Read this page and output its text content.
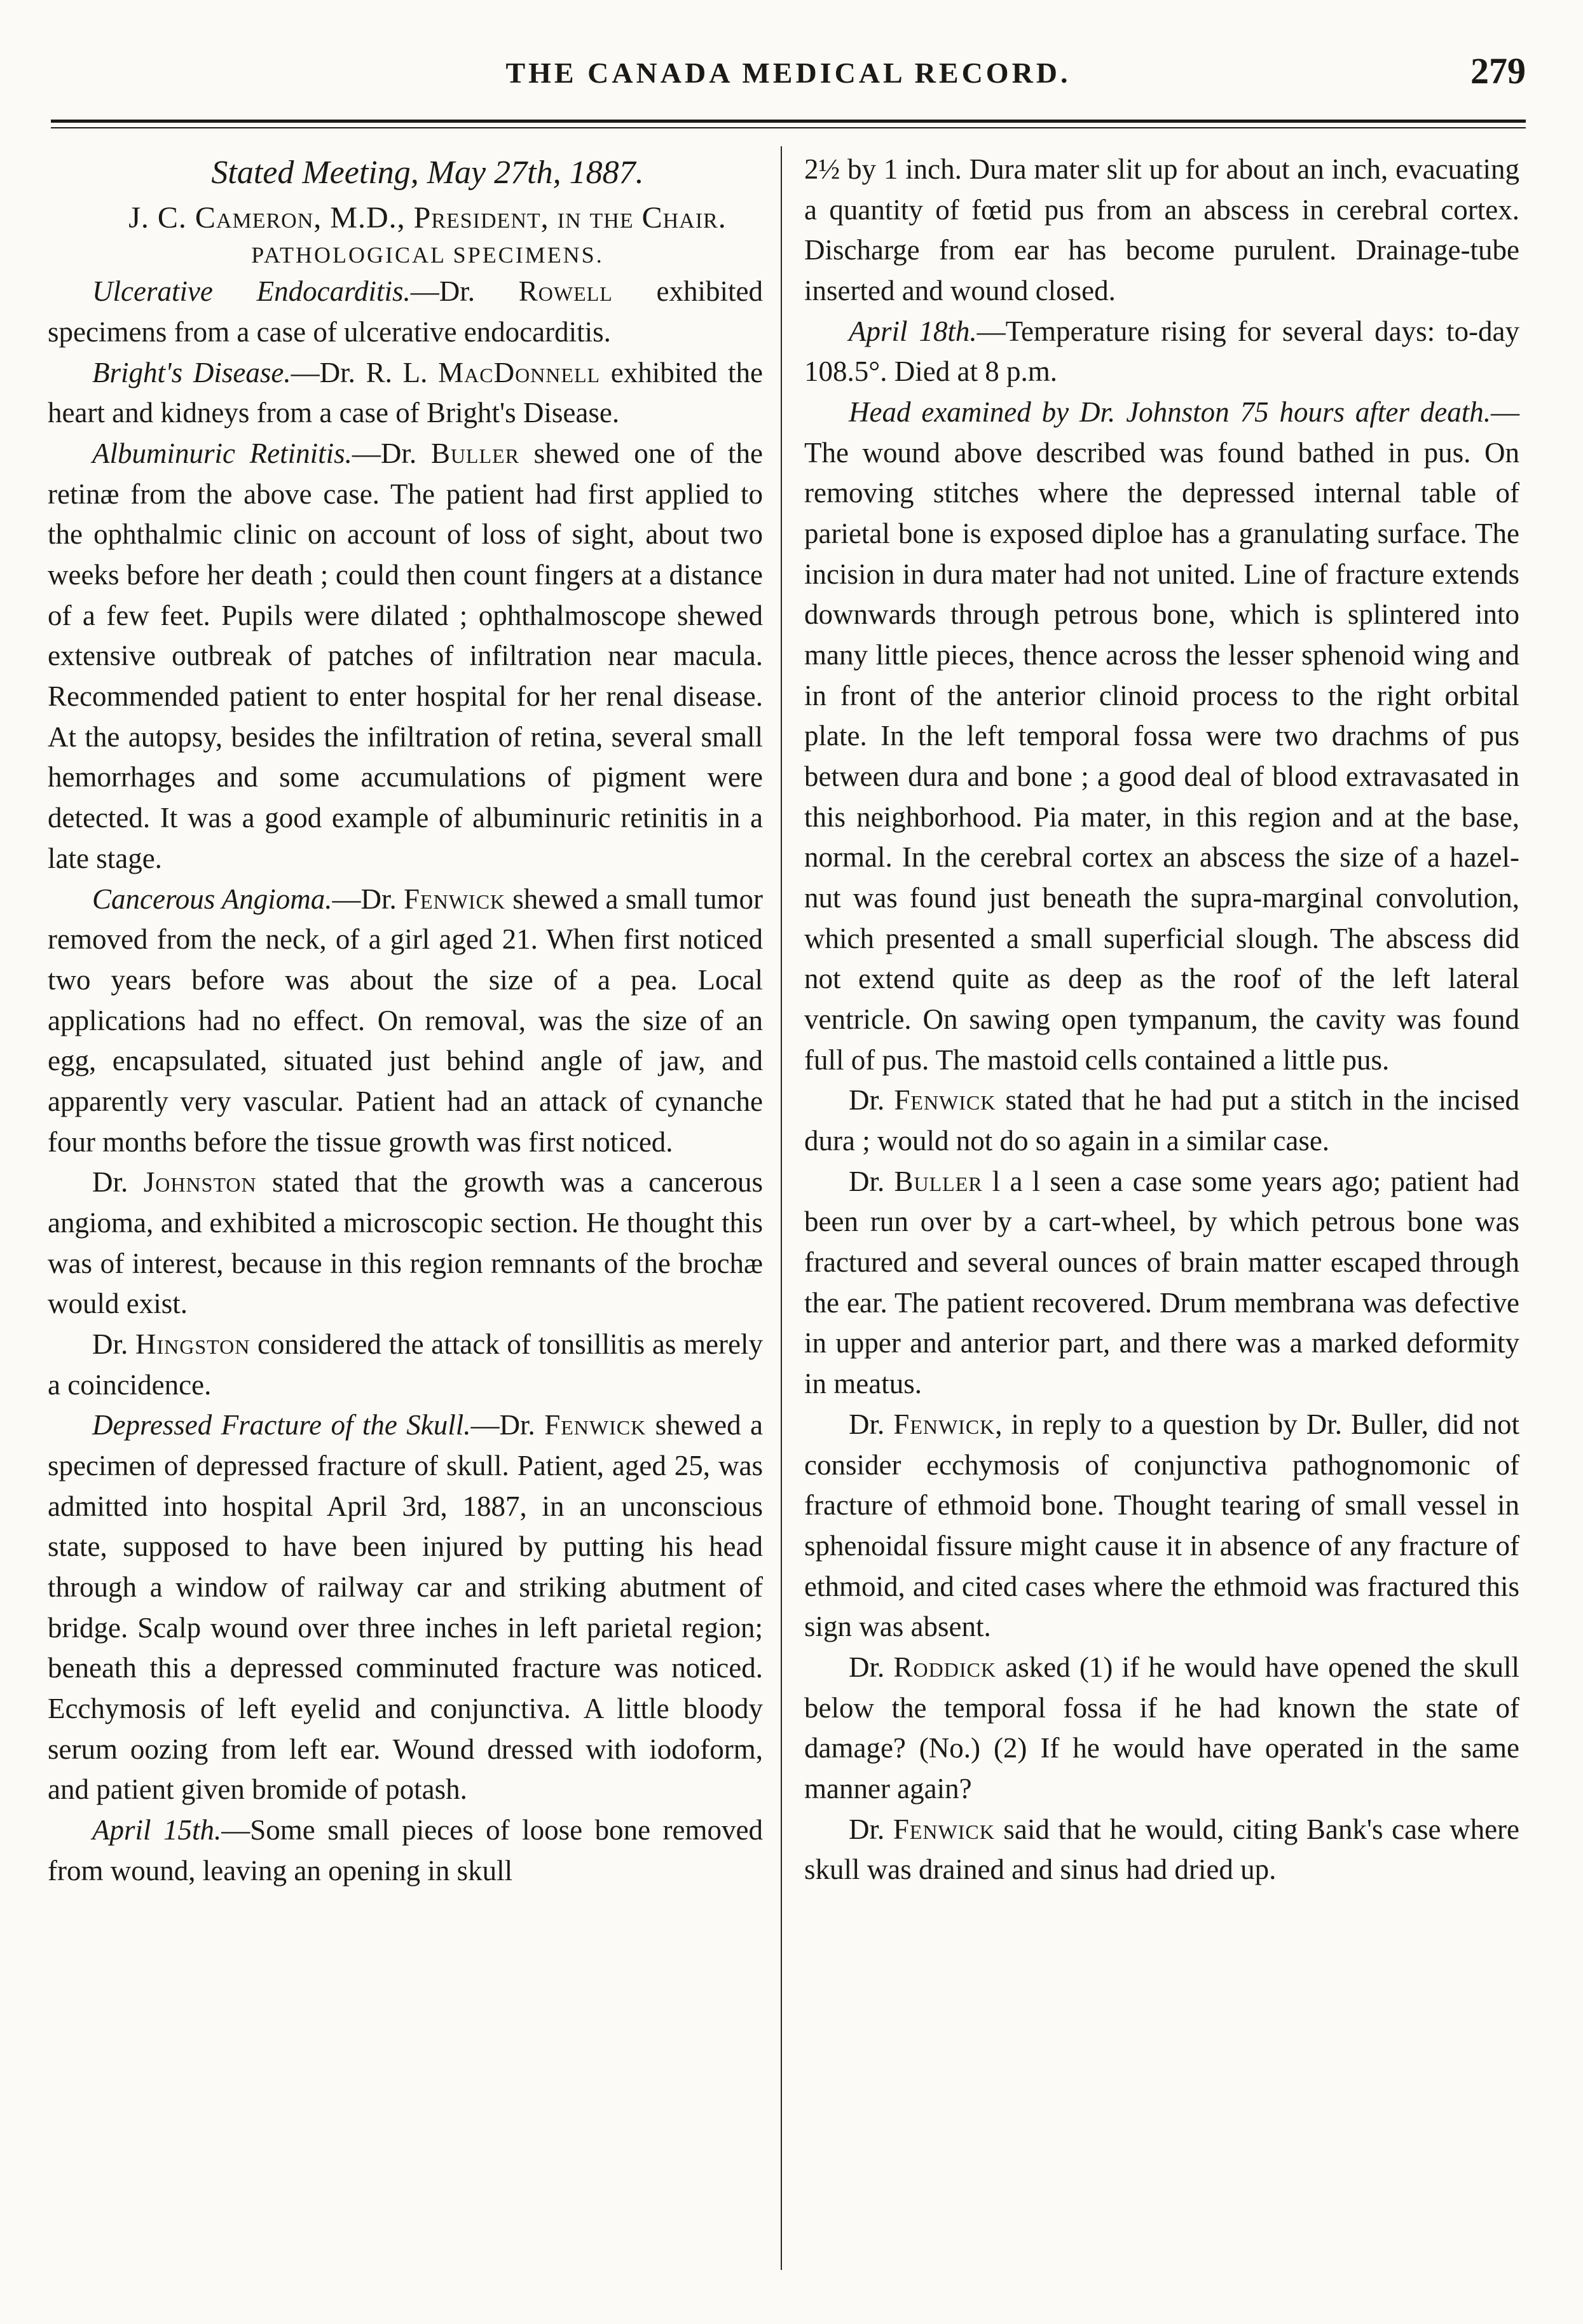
THE CANADA MEDICAL RECORD.	279

Stated Meeting, May 27th, 1887.

J. C. Cameron, M.D., President, in the Chair.

PATHOLOGICAL SPECIMENS.

Ulcerative Endocarditis.—Dr. Rowell exhibited specimens from a case of ulcerative endocarditis.

Bright's Disease.—Dr. R. L. MacDonnell exhibited the heart and kidneys from a case of Bright's Disease.

Albuminuric Retinitis.—Dr. Buller shewed one of the retinæ from the above case. The patient had first applied to the ophthalmic clinic on account of loss of sight, about two weeks before her death ; could then count fingers at a distance of a few feet. Pupils were dilated ; ophthalmoscope shewed extensive outbreak of patches of infiltration near macula. Recommended patient to enter hospital for her renal disease. At the autopsy, besides the infiltration of retina, several small hemorrhages and some accumulations of pigment were detected. It was a good example of albuminuric retinitis in a late stage.

Cancerous Angioma.—Dr. Fenwick shewed a small tumor removed from the neck, of a girl aged 21. When first noticed two years before was about the size of a pea. Local applications had no effect. On removal, was the size of an egg, encapsulated, situated just behind angle of jaw, and apparently very vascular. Patient had an attack of cynanche four months before the tissue growth was first noticed.

Dr. Johnston stated that the growth was a cancerous angioma, and exhibited a microscopic section. He thought this was of interest, because in this region remnants of the brochæ would exist.

Dr. Hingston considered the attack of tonsillitis as merely a coincidence.

Depressed Fracture of the Skull.—Dr. Fenwick shewed a specimen of depressed fracture of skull. Patient, aged 25, was admitted into hospital April 3rd, 1887, in an unconscious state, supposed to have been injured by putting his head through a window of railway car and striking abutment of bridge. Scalp wound over three inches in left parietal region; beneath this a depressed comminuted fracture was noticed. Ecchymosis of left eyelid and conjunctiva. A little bloody serum oozing from left ear. Wound dressed with iodoform, and patient given bromide of potash.

April 15th.—Some small pieces of loose bone removed from wound, leaving an opening in skull

2½ by 1 inch. Dura mater slit up for about an inch, evacuating a quantity of fœtid pus from an abscess in cerebral cortex. Discharge from ear has become purulent. Drainage-tube inserted and wound closed.

April 18th.—Temperature rising for several days: to-day 108.5°. Died at 8 p.m.

Head examined by Dr. Johnston 75 hours after death.—The wound above described was found bathed in pus. On removing stitches where the depressed internal table of parietal bone is exposed diploe has a granulating surface. The incision in dura mater had not united. Line of fracture extends downwards through petrous bone, which is splintered into many little pieces, thence across the lesser sphenoid wing and in front of the anterior clinoid process to the right orbital plate. In the left temporal fossa were two drachms of pus between dura and bone ; a good deal of blood extravasated in this neighborhood. Pia mater, in this region and at the base, normal. In the cerebral cortex an abscess the size of a hazel-nut was found just beneath the supra-marginal convolution, which presented a small superficial slough. The abscess did not extend quite as deep as the roof of the left lateral ventricle. On sawing open tympanum, the cavity was found full of pus. The mastoid cells contained a little pus.

Dr. Fenwick stated that he had put a stitch in the incised dura ; would not do so again in a similar case.

Dr. Buller l a l seen a case some years ago; patient had been run over by a cart-wheel, by which petrous bone was fractured and several ounces of brain matter escaped through the ear. The patient recovered. Drum membrana was defective in upper and anterior part, and there was a marked deformity in meatus.

Dr. Fenwick, in reply to a question by Dr. Buller, did not consider ecchymosis of conjunctiva pathognomonic of fracture of ethmoid bone. Thought tearing of small vessel in sphenoidal fissure might cause it in absence of any fracture of ethmoid, and cited cases where the ethmoid was fractured this sign was absent.

Dr. Roddick asked (1) if he would have opened the skull below the temporal fossa if he had known the state of damage? (No.) (2) If he would have operated in the same manner again?

Dr. Fenwick said that he would, citing Bank's case where skull was drained and sinus had dried up.
